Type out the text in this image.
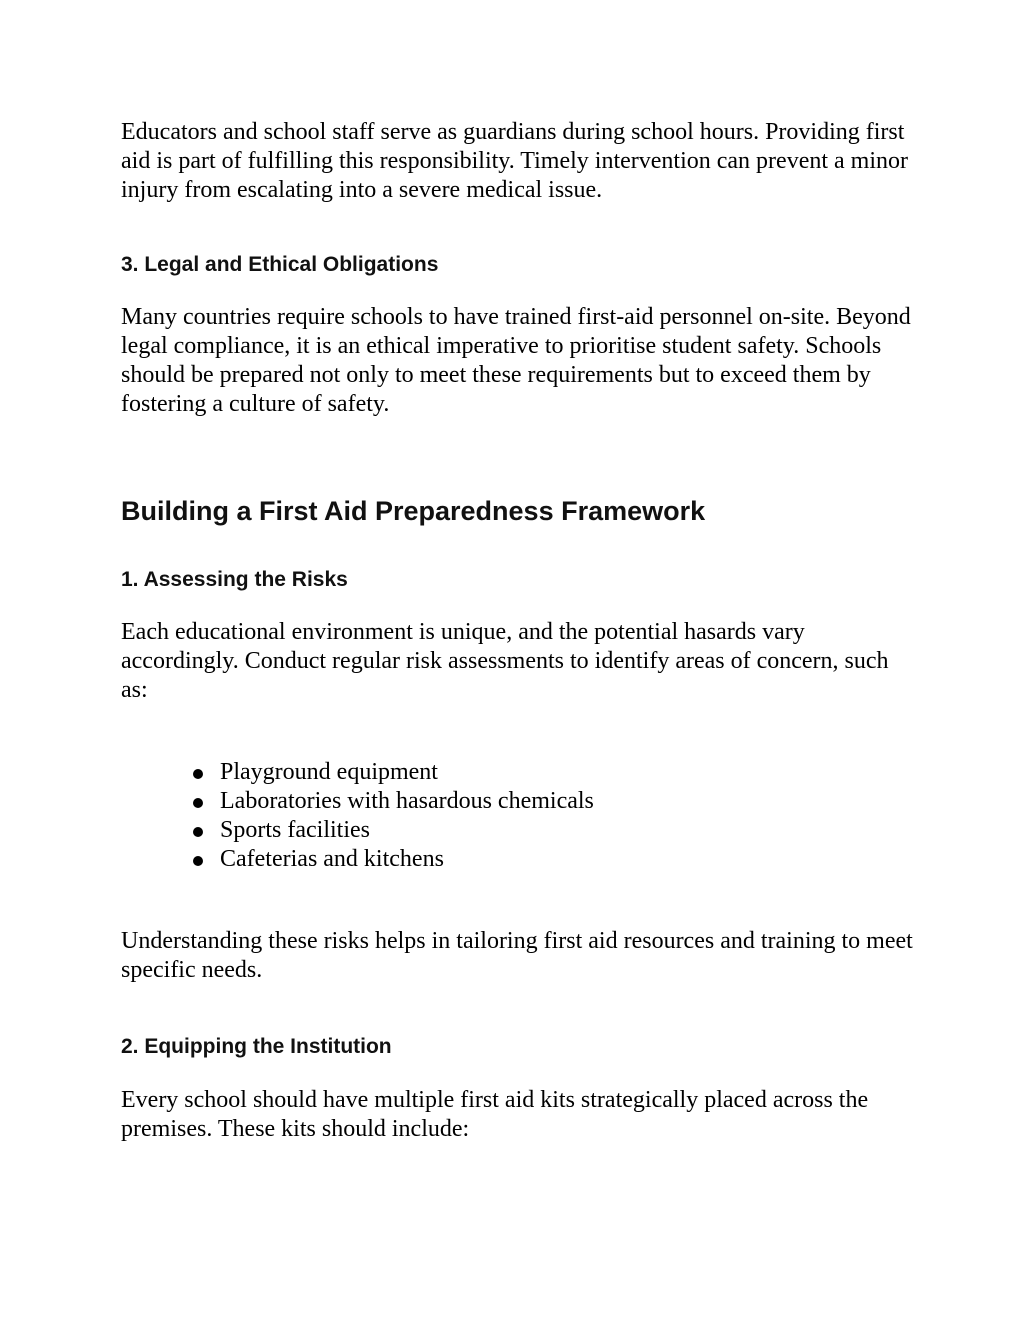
Educators and school staff serve as guardians during school hours. Providing first aid is part of fulfilling this responsibility. Timely intervention can prevent a minor injury from escalating into a severe medical issue.

3. Legal and Ethical Obligations

Many countries require schools to have trained first-aid personnel on-site. Beyond legal compliance, it is an ethical imperative to prioritise student safety. Schools should be prepared not only to meet these requirements but to exceed them by fostering a culture of safety.

Building a First Aid Preparedness Framework
1. Assessing the Risks

Each educational environment is unique, and the potential hasards vary accordingly. Conduct regular risk assessments to identify areas of concern, such as:

Playground equipment
Laboratories with hasardous chemicals
Sports facilities
Cafeterias and kitchens

Understanding these risks helps in tailoring first aid resources and training to meet specific needs.

2. Equipping the Institution

Every school should have multiple first aid kits strategically placed across the premises. These kits should include:
